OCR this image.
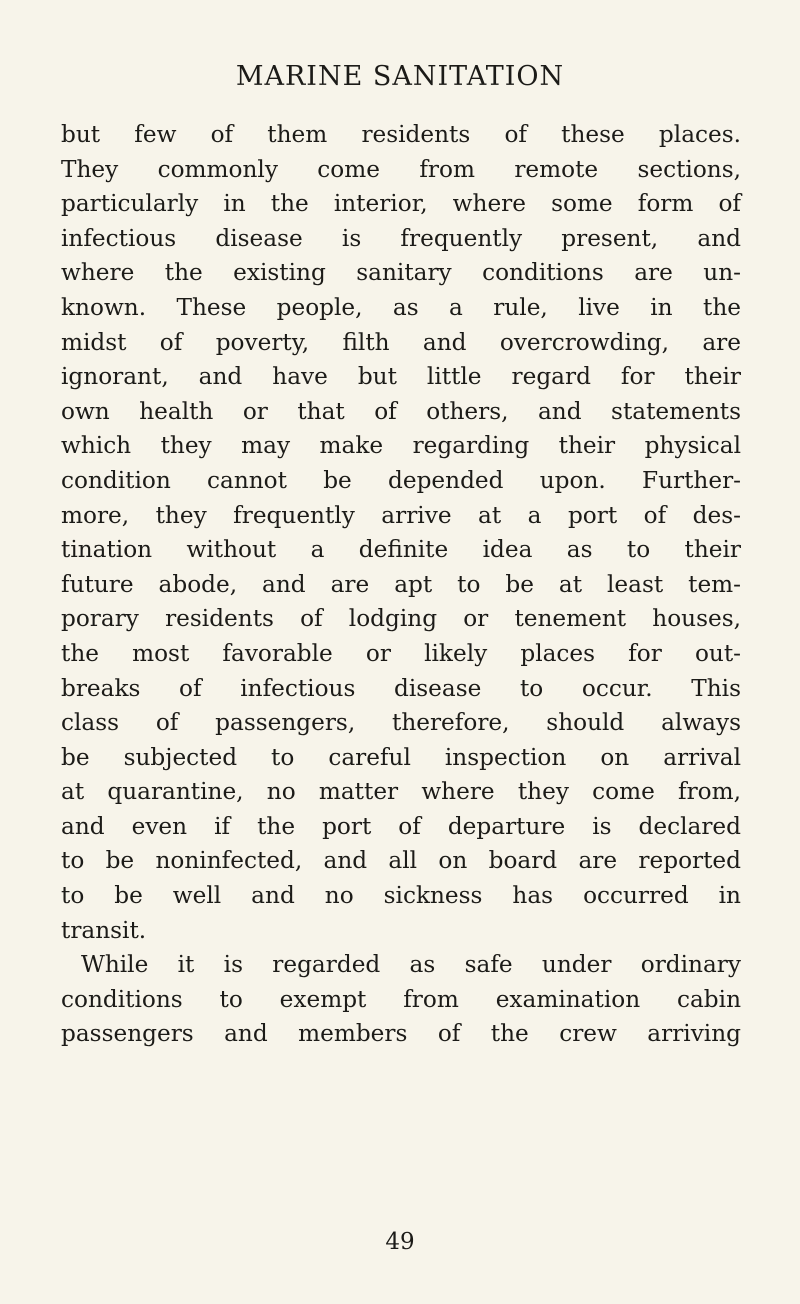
MARINE SANITATION
but few of them residents of these places.
They commonly come from remote sections,
particularly in the interior, where some form of
infectious disease is frequently present, and
where the existing sanitary conditions are un-
known. These people, as a rule, live in the
midst of poverty, filth and overcrowding, are
ignorant, and have but little regard for their
own health or that of others, and statements
which they may make regarding their physical
condition cannot be depended upon. Further-
more, they frequently arrive at a port of des-
tination without a definite idea as to their
future abode, and are apt to be at least tem-
porary residents of lodging or tenement houses,
the most favorable or likely places for out-
breaks of infectious disease to occur. This
class of passengers, therefore, should always
be subjected to careful inspection on arrival
at quarantine, no matter where they come from,
and even if the port of departure is declared
to be noninfected, and all on board are reported
to be well and no sickness has occurred in
transit.
While it is regarded as safe under ordinary
conditions to exempt from examination cabin
passengers and members of the crew arriving
49
